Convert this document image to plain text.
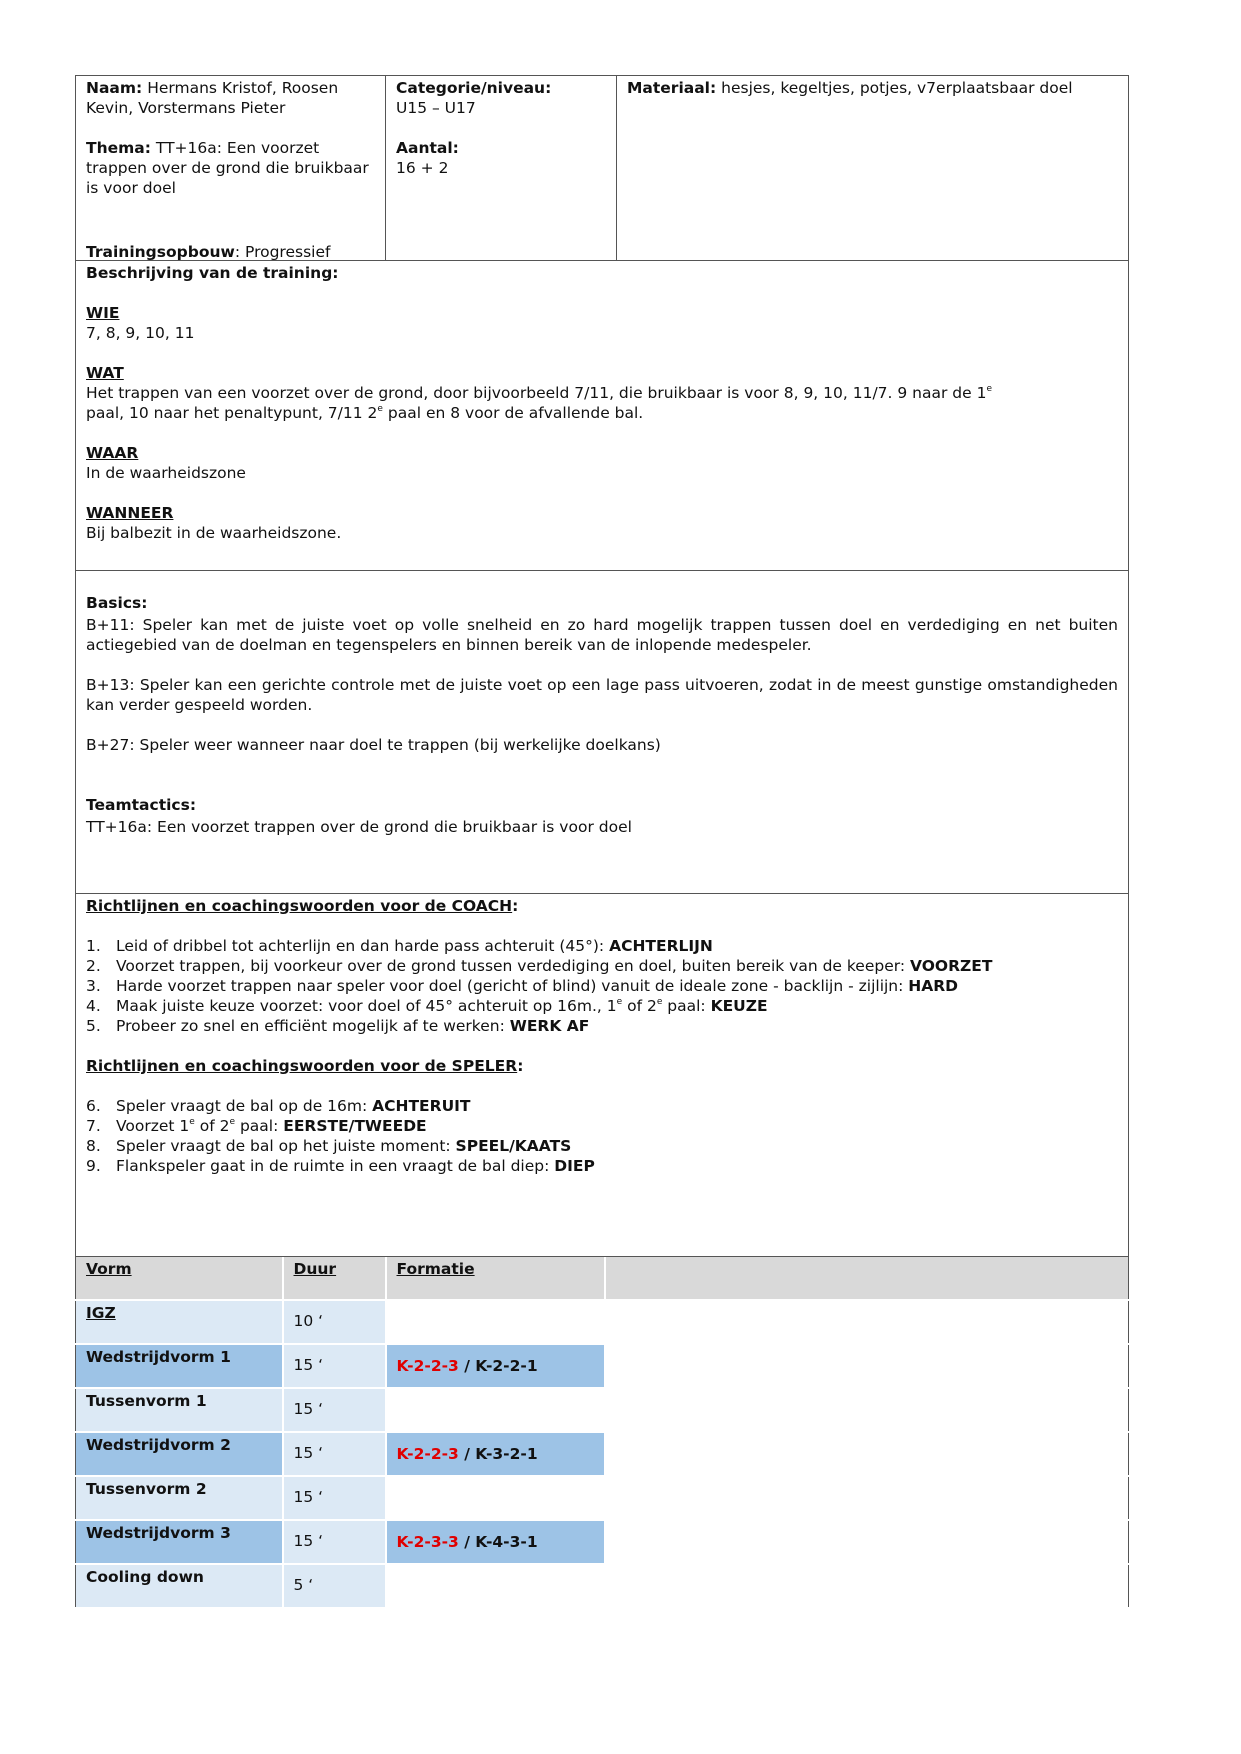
Naam: Hermans Kristof, Roosen Kevin, Vorstermans Pieter

Thema: TT+16a: Een voorzet trappen over de grond die bruikbaar is voor doel

Trainingsopbouw: Progressief

Categorie/niveau:

U15 – U17

Aantal:

16 + 2

Materiaal: hesjes, kegeltjes, potjes, v7erplaatsbaar doel

Beschrijving van de training:

WIE

7, 8, 9, 10, 11

WAT

Het trappen van een voorzet over de grond, door bijvoorbeeld 7/11, die bruikbaar is voor 8, 9, 10, 11/7. 9 naar de 1e
paal, 10 naar het penaltypunt, 7/11 2e paal en 8 voor de afvallende bal.

WAAR

In de waarheidszone

WANNEER

Bij balbezit in de waarheidszone.

Basics:

B+11: Speler kan met de juiste voet op volle snelheid en zo hard mogelijk trappen tussen doel en verdediging en net buiten actiegebied van de doelman en tegenspelers en binnen bereik van de inlopende medespeler.

B+13: Speler kan een gerichte controle met de juiste voet op een lage pass uitvoeren, zodat in de meest gunstige omstandigheden kan verder gespeeld worden.

B+27: Speler weer wanneer naar doel te trappen (bij werkelijke doelkans)

Teamtactics:

TT+16a: Een voorzet trappen over de grond die bruikbaar is voor doel

Richtlijnen en coachingswoorden voor de COACH:

1. Leid of dribbel tot achterlijn en dan harde pass achteruit (45°): ACHTERLIJN
2. Voorzet trappen, bij voorkeur over de grond tussen verdediging en doel, buiten bereik van de keeper: VOORZET
3. Harde voorzet trappen naar speler voor doel (gericht of blind) vanuit de ideale zone - backlijn - zijlijn: HARD
4. Maak juiste keuze voorzet: voor doel of 45° achteruit op 16m., 1e of 2e paal: KEUZE
5. Probeer zo snel en efficiënt mogelijk af te werken: WERK AF

Richtlijnen en coachingswoorden voor de SPELER:

6. Speler vraagt de bal op de 16m: ACHTERUIT
7. Voorzet 1e of 2e paal: EERSTE/TWEEDE
8. Speler vraagt de bal op het juiste moment: SPEEL/KAATS
9. Flankspeler gaat in de ruimte in een vraagt de bal diep: DIEP
Vorm	Duur	Formatie	
IGZ	10 ‘		
Wedstrijdvorm 1	15 ‘	K-2-2-3 / K-2-2-1	
Tussenvorm 1	15 ‘		
Wedstrijdvorm 2	15 ‘	K-2-2-3 / K-3-2-1	
Tussenvorm 2	15 ‘		
Wedstrijdvorm 3	15 ‘	K-2-3-3 / K-4-3-1	
Cooling down	5 ‘		
